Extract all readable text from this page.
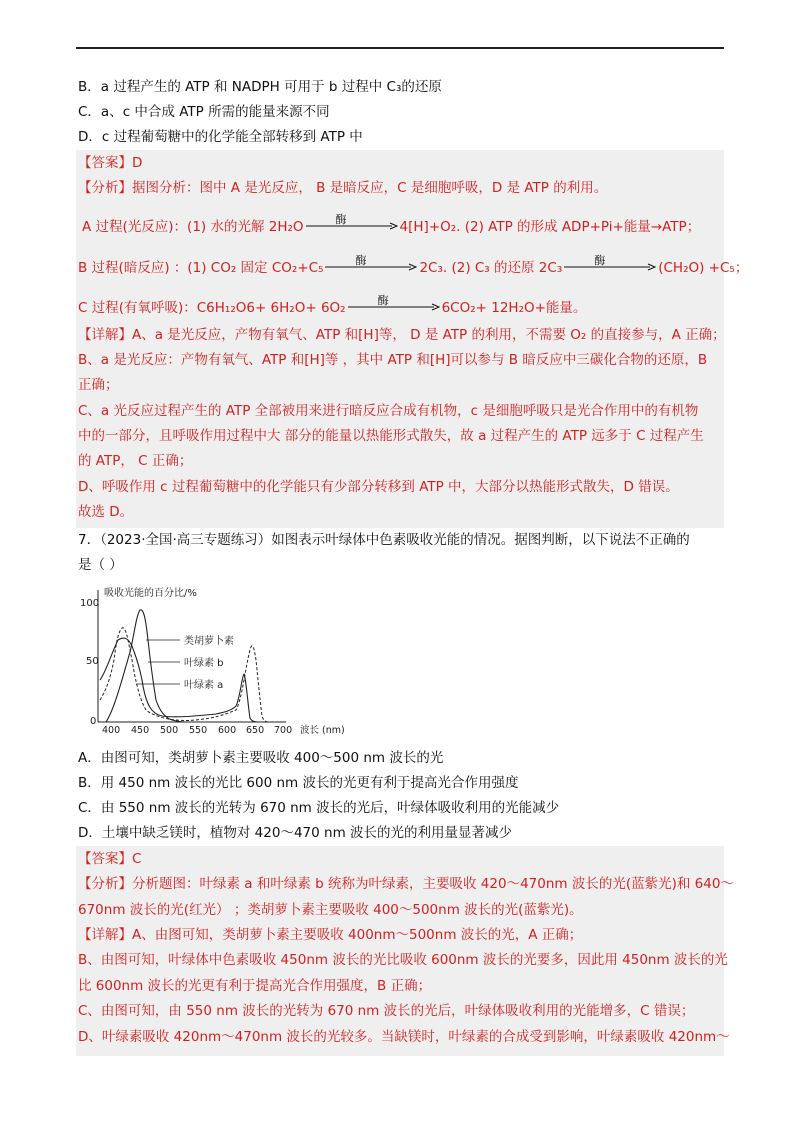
B．a 过程产生的 ATP 和 NADPH 可用于 b 过程中 C₃的还原
C．a、c 中合成 ATP 所需的能量来源不同
D．c 过程葡萄糖中的化学能全部转移到 ATP 中
【答案】D
【分析】据图分析：图中 A 是光反应， B 是暗反应，C 是细胞呼吸，D 是 ATP 的利用。
A 过程(光反应)：(1) 水的光解 2H₂O	酶	4[H]+O₂. (2) ATP 的形成 ADP+Pi+能量→ATP；
B 过程(暗反应) ：(1) CO₂ 固定 CO₂+C₅	酶	2C₃. (2) C₃ 的还原 2C₃	酶	(CH₂O) +C₅；
C 过程(有氧呼吸)：C6H₁₂O6+ 6H₂O+ 6O₂	酶	6CO₂+ 12H₂O+能量。
【详解】A、a 是光反应，产物有氧气、ATP 和[H]等， D 是 ATP 的利用，不需要 O₂ 的直接参与，A 正确；
B、a 是光反应：产物有氧气、ATP 和[H]等 ，其中 ATP 和[H]可以参与 B 暗反应中三碳化合物的还原，B
正确；
C、a 光反应过程产生的 ATP 全部被用来进行暗反应合成有机物，c 是细胞呼吸只是光合作用中的有机物
中的一部分，且呼吸作用过程中大 部分的能量以热能形式散失，故 a 过程产生的 ATP 远多于 C 过程产生
的 ATP， C 正确；
D、呼吸作用 c 过程葡萄糖中的化学能只有少部分转移到 ATP 中，大部分以热能形式散失，D 错误。
故选 D。
7．（2023·全国·高三专题练习）如图表示叶绿体中色素吸收光能的情况。据图判断，以下说法不正确的
是（ ）
吸收光能的百分比/%
100
50
0
400 450 500 550 600 650 700 波长 (nm)
类胡萝卜素
叶绿素 b
叶绿素 a
A．由图可知，类胡萝卜素主要吸收 400～500 nm 波长的光
B．用 450 nm 波长的光比 600 nm 波长的光更有利于提高光合作用强度
C．由 550 nm 波长的光转为 670 nm 波长的光后，叶绿体吸收利用的光能减少
D．土壤中缺乏镁时，植物对 420～470 nm 波长的光的利用量显著减少
【答案】C
【分析】分析题图：叶绿素 a 和叶绿素 b 统称为叶绿素，主要吸收 420～470nm 波长的光(蓝紫光)和 640～
670nm 波长的光(红光） ；类胡萝卜素主要吸收 400～500nm 波长的光(蓝紫光)。
【详解】A、由图可知，类胡萝卜素主要吸收 400nm～500nm 波长的光，A 正确；
B、由图可知，叶绿体中色素吸收 450nm 波长的光比吸收 600nm 波长的光要多，因此用 450nm 波长的光
比 600nm 波长的光更有利于提高光合作用强度，B 正确；
C、由图可知，由 550 nm 波长的光转为 670 nm 波长的光后，叶绿体吸收利用的光能增多，C 错误；
D、叶绿素吸收 420nm～470nm 波长的光较多。当缺镁时，叶绿素的合成受到影响，叶绿素吸收 420nm～
